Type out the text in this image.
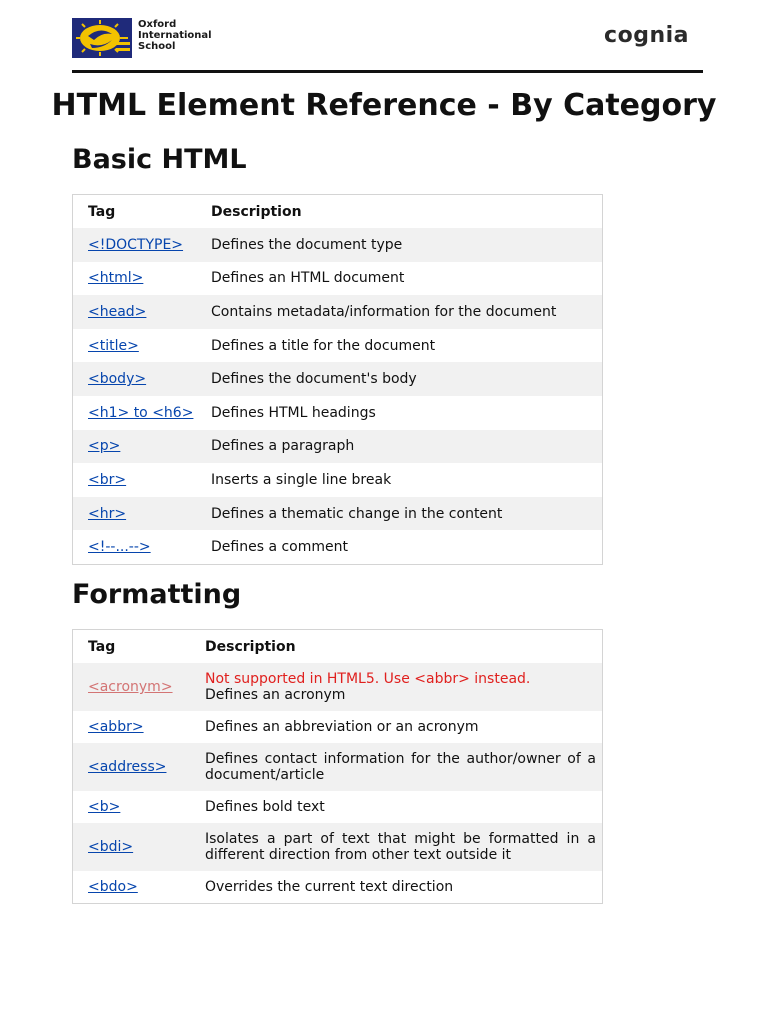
Oxford
International
School	cognia
HTML Element Reference - By Category
Basic HTML
Tag	Description
<!DOCTYPE>	Defines the document type
<html>	Defines an HTML document
<head>	Contains metadata/information for the document
<title>	Defines a title for the document
<body>	Defines the document's body
<h1> to <h6>	Defines HTML headings
<p>	Defines a paragraph
<br>	Inserts a single line break
<hr>	Defines a thematic change in the content
<!--...-->	Defines a comment
Formatting
Tag	Description
<acronym>	Not supported in HTML5. Use <abbr> instead.
Defines an acronym

<abbr>	Defines an abbreviation or an acronym
<address>	Defines contact information for the author/owner of a document/article
<b>	Defines bold text
<bdi>	Isolates a part of text that might be formatted in a different direction from other text outside it
<bdo>	Overrides the current text direction
